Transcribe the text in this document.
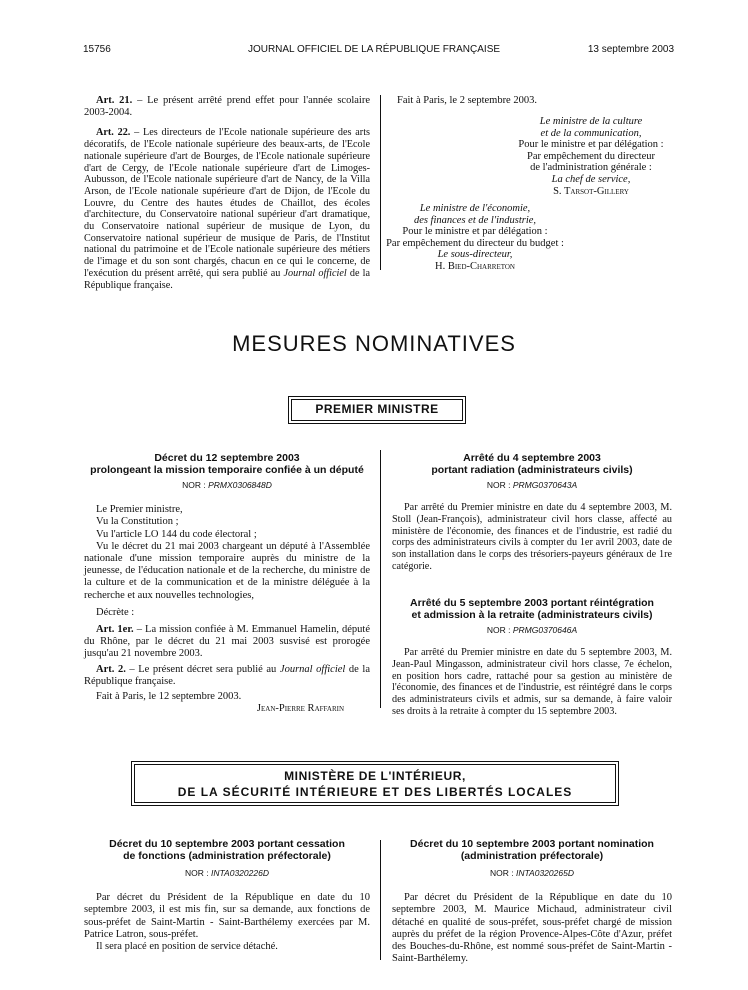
15756	JOURNAL OFFICIEL DE LA RÉPUBLIQUE FRANÇAISE	13 septembre 2003

Art. 21. – Le présent arrêté prend effet pour l'année scolaire 2003-2004.

Art. 22. – Les directeurs de l'Ecole nationale supérieure des arts décoratifs, de l'Ecole nationale supérieure des beaux-arts, de l'Ecole nationale supérieure d'art de Bourges, de l'Ecole nationale supérieure d'art de Cergy, de l'Ecole nationale supérieure d'art de Limoges-Aubusson, de l'Ecole nationale supérieure d'art de Nancy, de la Villa Arson, de l'Ecole nationale supérieure d'art de Dijon, de l'Ecole du Louvre, du Centre des hautes études de Chaillot, des écoles d'architecture, du Conservatoire national supérieur d'art dramatique, du Conservatoire national supérieur de musique de Lyon, du Conservatoire national supérieur de musique de Paris, de l'Institut national du patrimoine et de l'Ecole nationale supérieure des métiers de l'image et du son sont chargés, chacun en ce qui le concerne, de l'exécution du présent arrêté, qui sera publié au Journal officiel de la République française.

Fait à Paris, le 2 septembre 2003.
Le ministre de la culture
et de la communication,
Pour le ministre et par délégation :
Par empêchement du directeur
de l'administration générale :
La chef de service,
S. Tarsot-Gillery
Le ministre de l'économie,
des finances et de l'industrie,
Pour le ministre et par délégation :
Par empêchement du directeur du budget :
Le sous-directeur,
H. Bied-Charreton
MESURES NOMINATIVES
PREMIER MINISTRE
Décret du 12 septembre 2003
prolongeant la mission temporaire confiée à un député
NOR : PRMX0306848D

Le Premier ministre,

Vu la Constitution ;

Vu l'article LO 144 du code électoral ;

Vu le décret du 21 mai 2003 chargeant un député à l'Assemblée nationale d'une mission temporaire auprès du ministre de la jeunesse, de l'éducation nationale et de la recherche, du ministre de la culture et de la communication et de la ministre déléguée à la recherche et aux nouvelles technologies,

Décrète :

Art. 1er. – La mission confiée à M. Emmanuel Hamelin, député du Rhône, par le décret du 21 mai 2003 susvisé est prorogée jusqu'au 21 novembre 2003.

Art. 2. – Le présent décret sera publié au Journal officiel de la République française.

Fait à Paris, le 12 septembre 2003.

Jean-Pierre Raffarin

Arrêté du 4 septembre 2003
portant radiation (administrateurs civils)
NOR : PRMG0370643A

Par arrêté du Premier ministre en date du 4 septembre 2003, M. Stoll (Jean-François), administrateur civil hors classe, affecté au ministère de l'économie, des finances et de l'industrie, est radié du corps des administrateurs civils à compter du 1er avril 2003, date de son installation dans le corps des trésoriers-payeurs généraux de 1re catégorie.

Arrêté du 5 septembre 2003 portant réintégration
et admission à la retraite (administrateurs civils)
NOR : PRMG0370646A

Par arrêté du Premier ministre en date du 5 septembre 2003, M. Jean-Paul Mingasson, administrateur civil hors classe, 7e échelon, en position hors cadre, rattaché pour sa gestion au ministère de l'économie, des finances et de l'industrie, est réintégré dans le corps des administrateurs civils et admis, sur sa demande, à faire valoir ses droits à la retraite à compter du 15 septembre 2003.

MINISTÈRE DE L'INTÉRIEUR,
DE LA SÉCURITÉ INTÉRIEURE ET DES LIBERTÉS LOCALES
Décret du 10 septembre 2003 portant cessation
de fonctions (administration préfectorale)
NOR : INTA0320226D

Par décret du Président de la République en date du 10 septembre 2003, il est mis fin, sur sa demande, aux fonctions de sous-préfet de Saint-Martin - Saint-Barthélemy exercées par M. Patrice Latron, sous-préfet.

Il sera placé en position de service détaché.

Décret du 10 septembre 2003 portant nomination
(administration préfectorale)
NOR : INTA0320265D

Par décret du Président de la République en date du 10 septembre 2003, M. Maurice Michaud, administrateur civil détaché en qualité de sous-préfet, sous-préfet chargé de mission auprès du préfet de la région Provence-Alpes-Côte d'Azur, préfet des Bouches-du-Rhône, est nommé sous-préfet de Saint-Martin - Saint-Barthélemy.
